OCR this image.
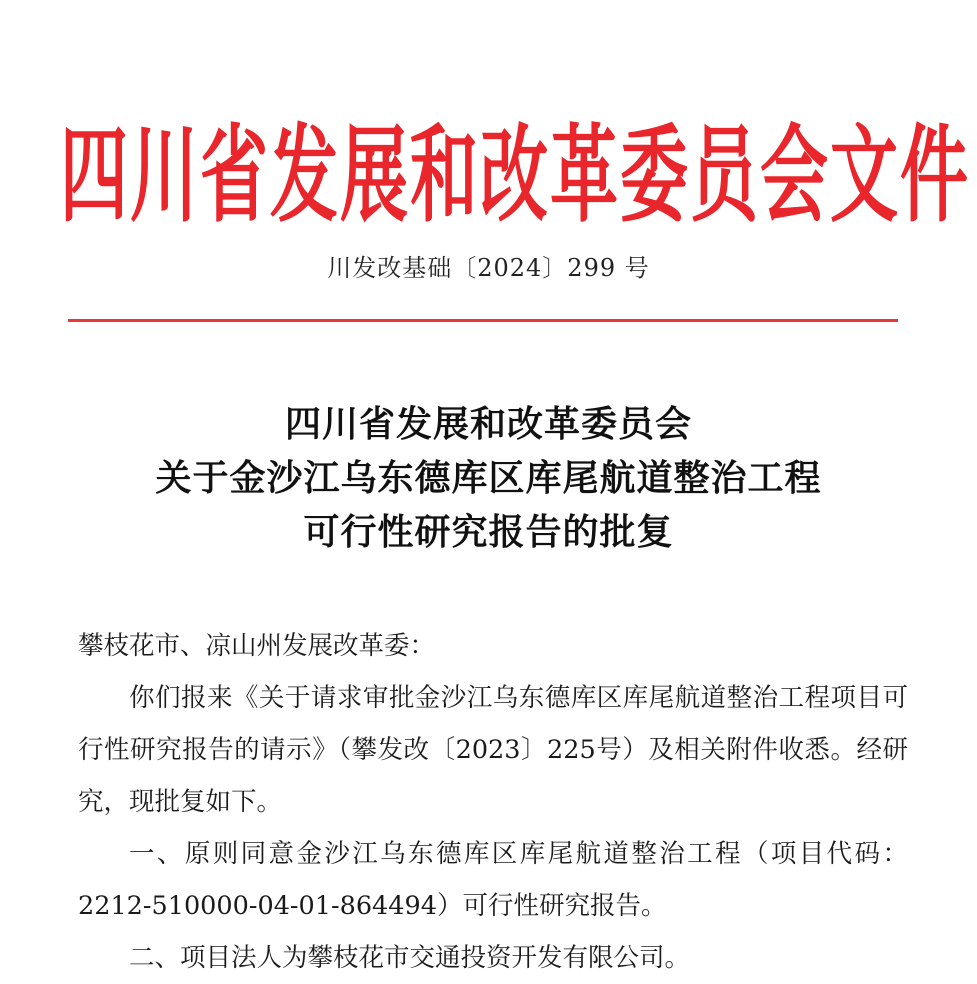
四川省发展和改革委员会文件
川发改基础〔2024〕299 号
四川省发展和改革委员会
关于金沙江乌东德库区库尾航道整治工程
可行性研究报告的批复
攀枝花市、凉山州发展改革委：

你们报来《关于请求审批金沙江乌东德库区库尾航道整治工程项目可行性研究报告的请示》（攀发改〔2023〕225号）及相关附件收悉。经研究，现批复如下。

一、原则同意金沙江乌东德库区库尾航道整治工程（项目代码：2212-510000-04-01-864494）可行性研究报告。

二、项目法人为攀枝花市交通投资开发有限公司。
